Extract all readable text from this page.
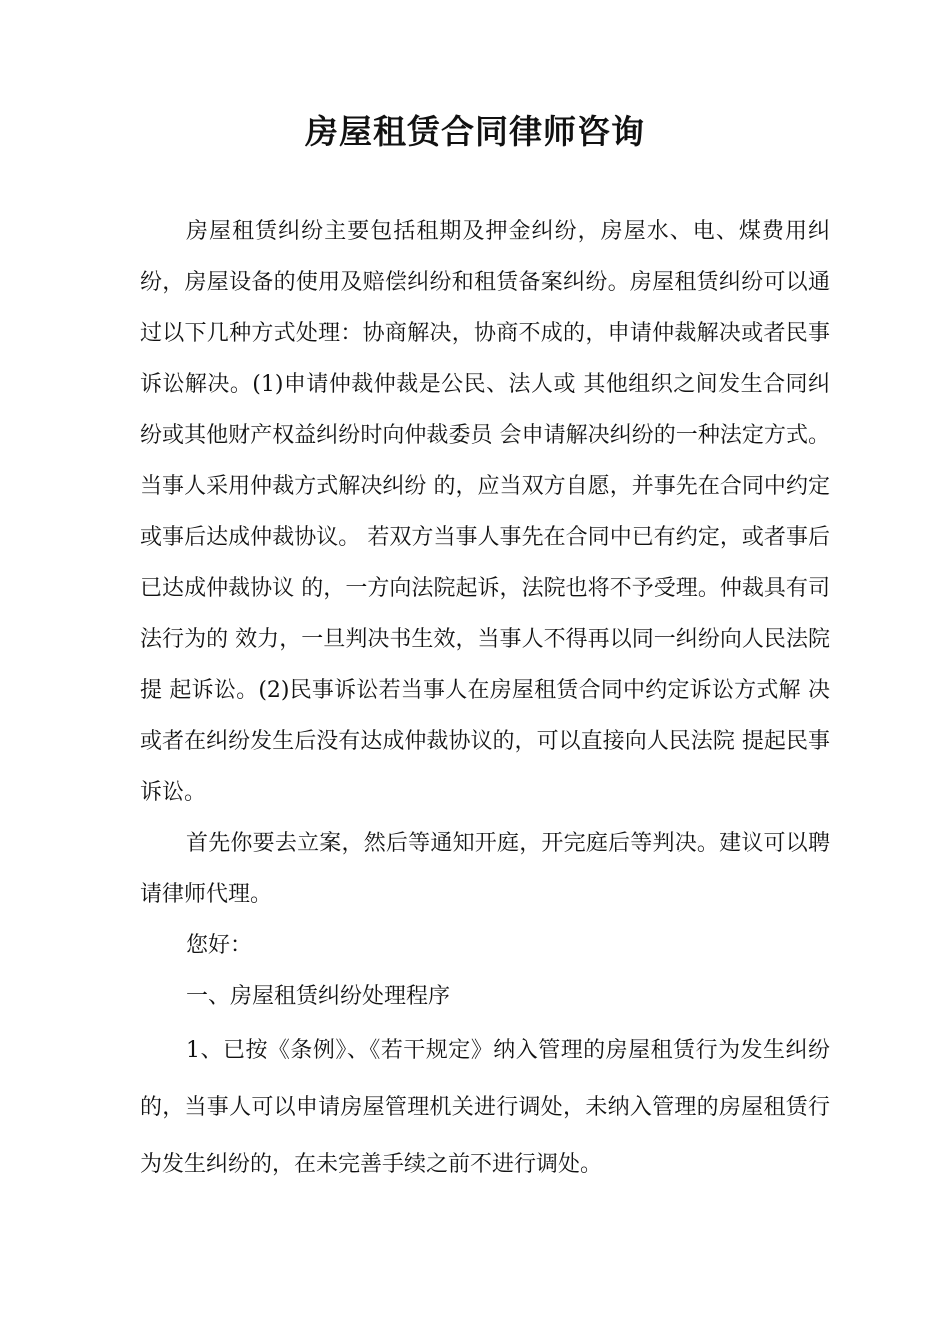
房屋租赁合同律师咨询

房屋租赁纠纷主要包括租期及押金纠纷，房屋水、电、煤费用纠纷，房屋设备的使用及赔偿纠纷和租赁备案纠纷。房屋租赁纠纷可以通过以下几种方式处理：协商解决，协商不成的，申请仲裁解决或者民事诉讼解决。(1)申请仲裁仲裁是公民、法人或 其他组织之间发生合同纠纷或其他财产权益纠纷时向仲裁委员 会申请解决纠纷的一种法定方式。当事人采用仲裁方式解决纠纷 的，应当双方自愿，并事先在合同中约定或事后达成仲裁协议。 若双方当事人事先在合同中已有约定，或者事后已达成仲裁协议 的，一方向法院起诉，法院也将不予受理。仲裁具有司法行为的 效力，一旦判决书生效，当事人不得再以同一纠纷向人民法院提 起诉讼。(2)民事诉讼若当事人在房屋租赁合同中约定诉讼方式解 决或者在纠纷发生后没有达成仲裁协议的，可以直接向人民法院 提起民事诉讼。

首先你要去立案，然后等通知开庭，开完庭后等判决。建议可以聘请律师代理。

您好：

一、房屋租赁纠纷处理程序

1、已按《条例》、《若干规定》纳入管理的房屋租赁行为发生纠纷的，当事人可以申请房屋管理机关进行调处，未纳入管理的房屋租赁行为发生纠纷的，在未完善手续之前不进行调处。
